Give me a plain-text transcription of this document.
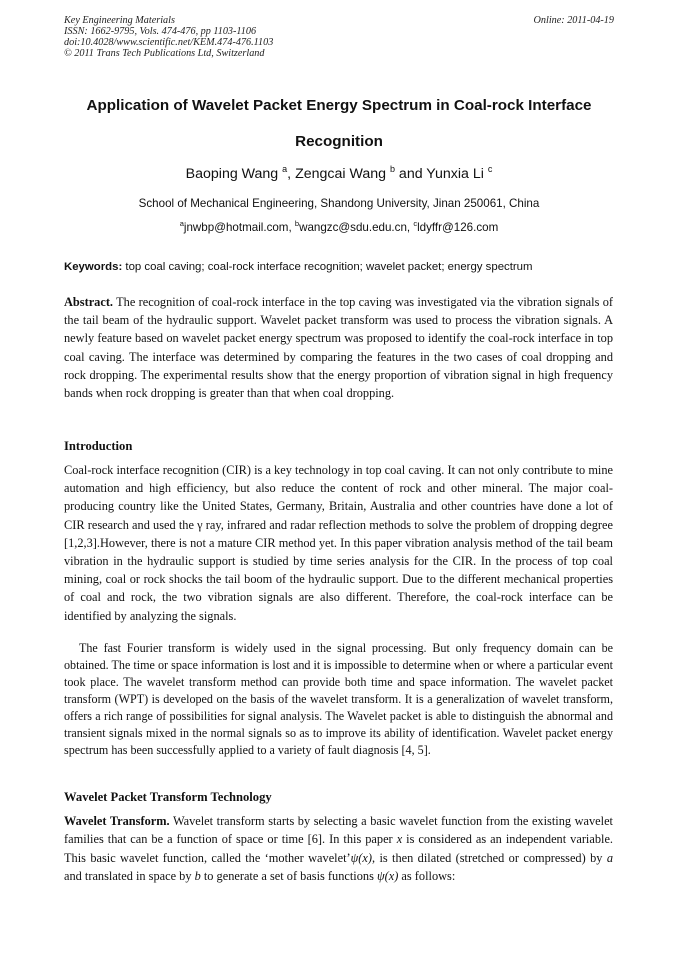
Key Engineering Materials
ISSN: 1662-9795, Vols. 474-476, pp 1103-1106
doi:10.4028/www.scientific.net/KEM.474-476.1103
© 2011 Trans Tech Publications Ltd, Switzerland
Online: 2011-04-19
Application of Wavelet Packet Energy Spectrum in Coal-rock Interface
Recognition
Baoping Wang $^a$, Zengcai Wang $^b$ and Yunxia Li $^c$
School of Mechanical Engineering, Shandong University, Jinan 250061, China
$^a$jnwbp@hotmail.com, $^b$wangzc@sdu.edu.cn, $^c$ldyffr@126.com
Keywords: top coal caving; coal-rock interface recognition; wavelet packet; energy spectrum
Abstract. The recognition of coal-rock interface in the top caving was investigated via the vibration signals of the tail beam of the hydraulic support. Wavelet packet transform was used to process the vibration signals. A newly feature based on wavelet packet energy spectrum was proposed to identify the coal-rock interface in top coal caving. The interface was determined by comparing the features in the two cases of coal dropping and rock dropping. The experimental results show that the energy proportion of vibration signal in high frequency bands when rock dropping is greater than that when coal dropping.
Introduction
Coal-rock interface recognition (CIR) is a key technology in top coal caving. It can not only contribute to mine automation and high efficiency, but also reduce the content of rock and other mineral. The major coal-producing country like the United States, Germany, Britain, Australia and other countries have done a lot of CIR research and used the γ ray, infrared and radar reflection methods to solve the problem of dropping degree [1,2,3].However, there is not a mature CIR method yet. In this paper vibration analysis method of the tail beam vibration in the hydraulic support is studied by time series analysis for the CIR. In the process of top coal mining, coal or rock shocks the tail boom of the hydraulic support. Due to the different mechanical properties of coal and rock, the two vibration signals are also different. Therefore, the coal-rock interface can be identified by analyzing the signals.
The fast Fourier transform is widely used in the signal processing. But only frequency domain can be obtained. The time or space information is lost and it is impossible to determine when or where a particular event took place. The wavelet transform method can provide both time and space information. The wavelet packet transform (WPT) is developed on the basis of the wavelet transform. It is a generalization of wavelet transform, offers a rich range of possibilities for signal analysis. The Wavelet packet is able to distinguish the abnormal and transient signals mixed in the normal signals so as to improve its ability of identification. Wavelet packet energy spectrum has been successfully applied to a variety of fault diagnosis [4, 5].
Wavelet Packet Transform Technology
Wavelet Transform. Wavelet transform starts by selecting a basic wavelet function from the existing wavelet families that can be a function of space or time [6]. In this paper x is considered as an independent variable. This basic wavelet function, called the ‘mother wavelet’ψ(x), is then dilated (stretched or compressed) by a and translated in space by b to generate a set of basis functions ψ(x) as follows:
